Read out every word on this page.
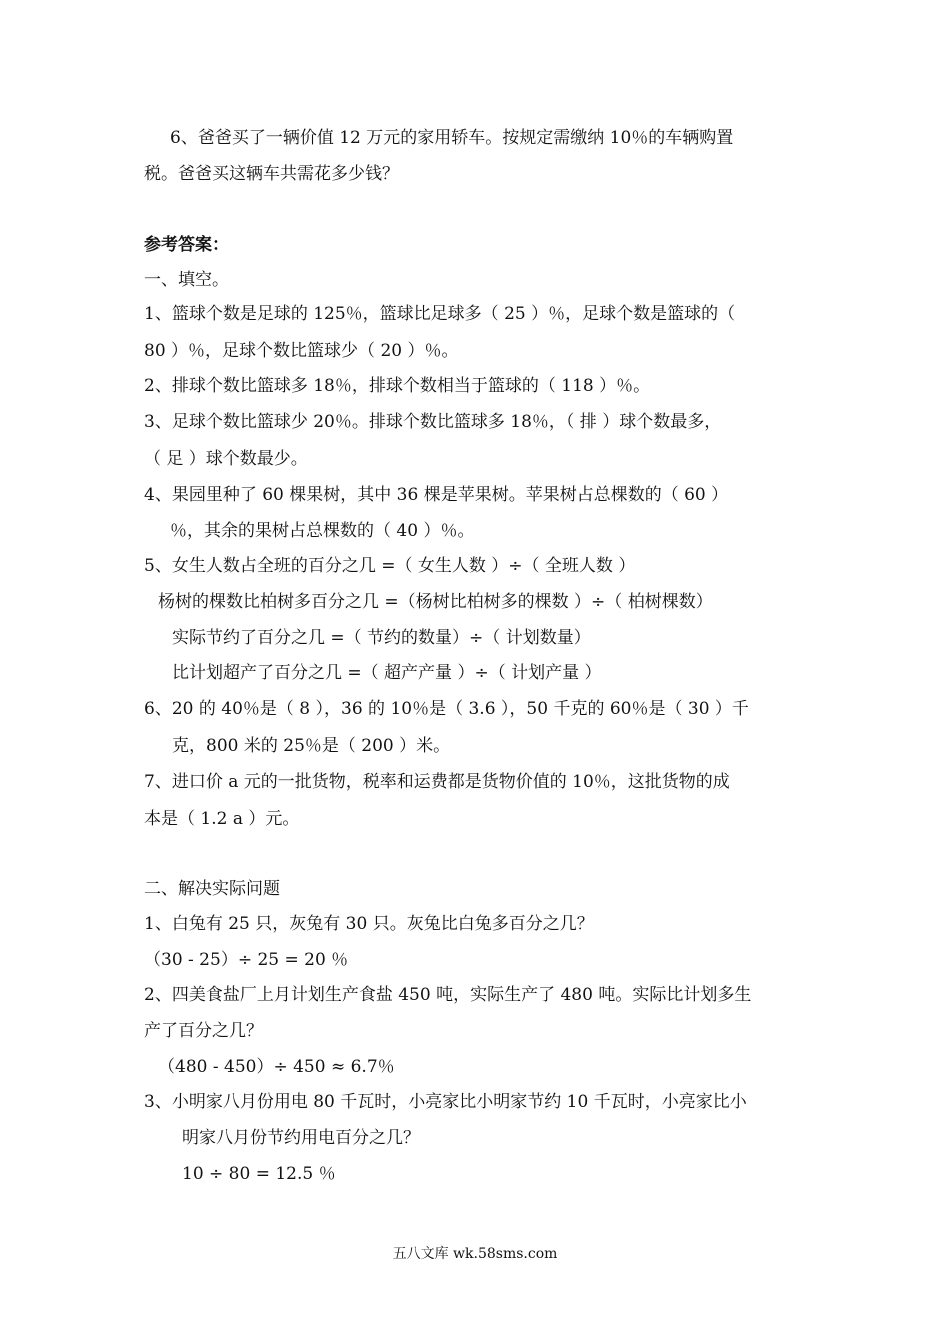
6、爸爸买了一辆价值 12 万元的家用轿车。按规定需缴纳 10％的车辆购置
税。爸爸买这辆车共需花多少钱？
参考答案：
一、填空。
1、篮球个数是足球的 125％，篮球比足球多（ 25 ）％，足球个数是篮球的（
80 ）％，足球个数比篮球少（ 20 ）％。
2、排球个数比篮球多 18％，排球个数相当于篮球的（ 118 ）％。
3、足球个数比篮球少 20％。排球个数比篮球多 18％，（ 排 ）球个数最多，
（ 足 ）球个数最少。
4、果园里种了 60 棵果树，其中 36 棵是苹果树。苹果树占总棵数的（ 60 ）
％，其余的果树占总棵数的（ 40 ）％。
5、女生人数占全班的百分之几 =（ 女生人数 ）÷（ 全班人数 ）
杨树的棵数比柏树多百分之几 =（杨树比柏树多的棵数 ）÷（ 柏树棵数）
实际节约了百分之几 =（ 节约的数量）÷（ 计划数量）
比计划超产了百分之几 =（ 超产产量 ）÷（ 计划产量 ）
6、20 的 40％是（ 8 ），36 的 10％是（ 3.6 ），50 千克的 60％是（ 30 ）千
克，800 米的 25％是（ 200 ）米。
7、进口价 a 元的一批货物，税率和运费都是货物价值的 10％，这批货物的成
本是（ 1.2 a ）元。
二、解决实际问题
1、白兔有 25 只，灰兔有 30 只。灰兔比白兔多百分之几？
（30 - 25）÷ 25 = 20 ％
2、四美食盐厂上月计划生产食盐 450 吨，实际生产了 480 吨。实际比计划多生
产了百分之几？
（480 - 450）÷ 450 ≈ 6.7％
3、小明家八月份用电 80 千瓦时，小亮家比小明家节约 10 千瓦时，小亮家比小
明家八月份节约用电百分之几？
10 ÷ 80 = 12.5 ％
五八文库 wk.58sms.com
